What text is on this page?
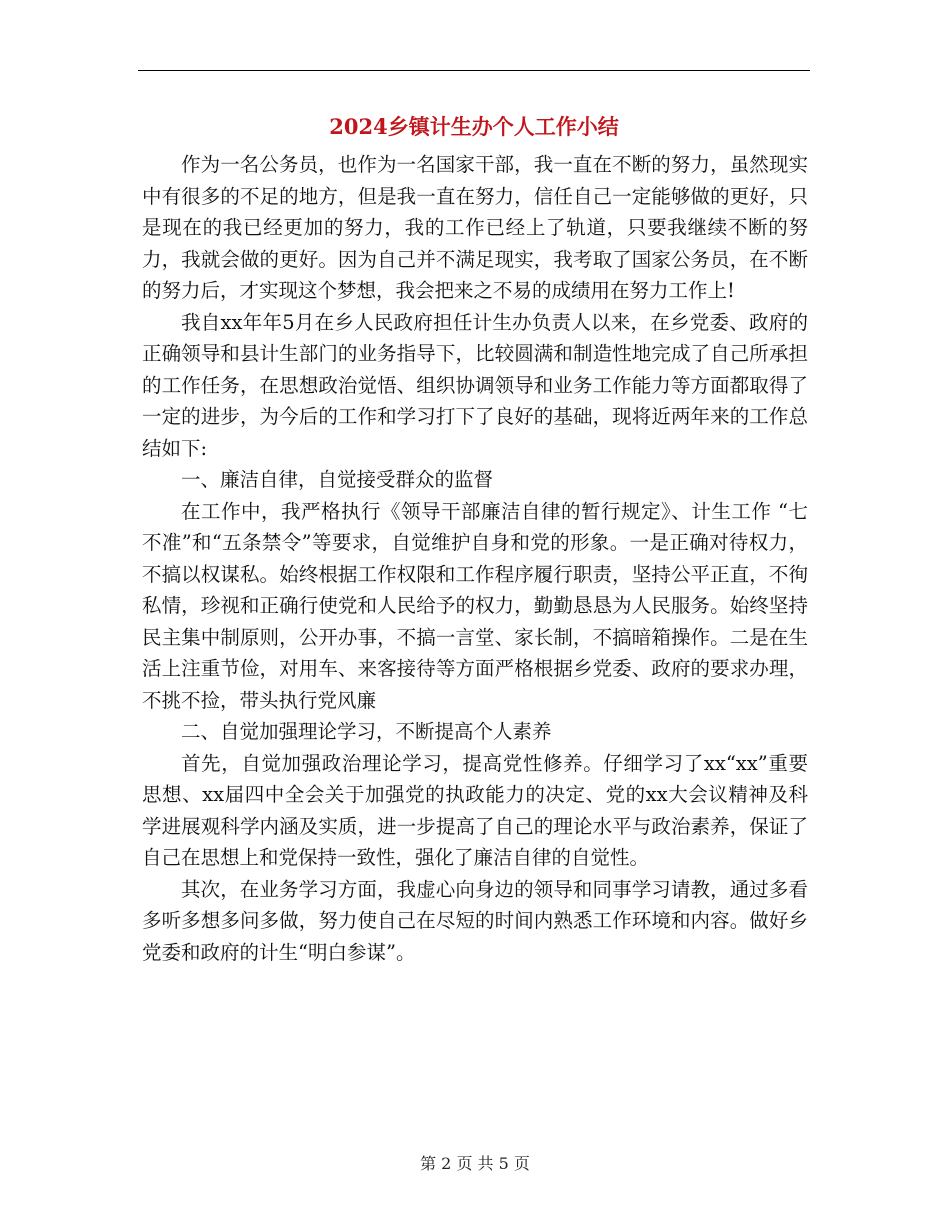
2024乡镇计生办个人工作小结

作为一名公务员，也作为一名国家干部，我一直在不断的努力，虽然现实中有很多的不足的地方，但是我一直在努力，信任自己一定能够做的更好，只是现在的我已经更加的努力，我的工作已经上了轨道，只要我继续不断的努力，我就会做的更好。因为自己并不满足现实，我考取了国家公务员，在不断的努力后，才实现这个梦想，我会把来之不易的成绩用在努力工作上!

我自xx年年5月在乡人民政府担任计生办负责人以来，在乡党委、政府的正确领导和县计生部门的业务指导下，比较圆满和制造性地完成了自己所承担的工作任务，在思想政治觉悟、组织协调领导和业务工作能力等方面都取得了一定的进步，为今后的工作和学习打下了良好的基础，现将近两年来的工作总结如下:

一、廉洁自律，自觉接受群众的监督

在工作中，我严格执行《领导干部廉洁自律的暂行规定》、计生工作 “七不准”和“五条禁令”等要求，自觉维护自身和党的形象。一是正确对待权力，不搞以权谋私。始终根据工作权限和工作程序履行职责，坚持公平正直，不徇私情，珍视和正确行使党和人民给予的权力，勤勤恳恳为人民服务。始终坚持民主集中制原则，公开办事，不搞一言堂、家长制，不搞暗箱操作。二是在生活上注重节俭，对用车、来客接待等方面严格根据乡党委、政府的要求办理，不挑不捡，带头执行党风廉

二、自觉加强理论学习，不断提高个人素养

首先，自觉加强政治理论学习，提高党性修养。仔细学习了xx“xx”重要思想、xx届四中全会关于加强党的执政能力的决定、党的xx大会议精神及科学进展观科学内涵及实质，进一步提高了自己的理论水平与政治素养，保证了自己在思想上和党保持一致性，强化了廉洁自律的自觉性。

其次，在业务学习方面，我虚心向身边的领导和同事学习请教，通过多看多听多想多问多做，努力使自己在尽短的时间内熟悉工作环境和内容。做好乡党委和政府的计生“明白参谋”。

第 2 页 共 5 页
